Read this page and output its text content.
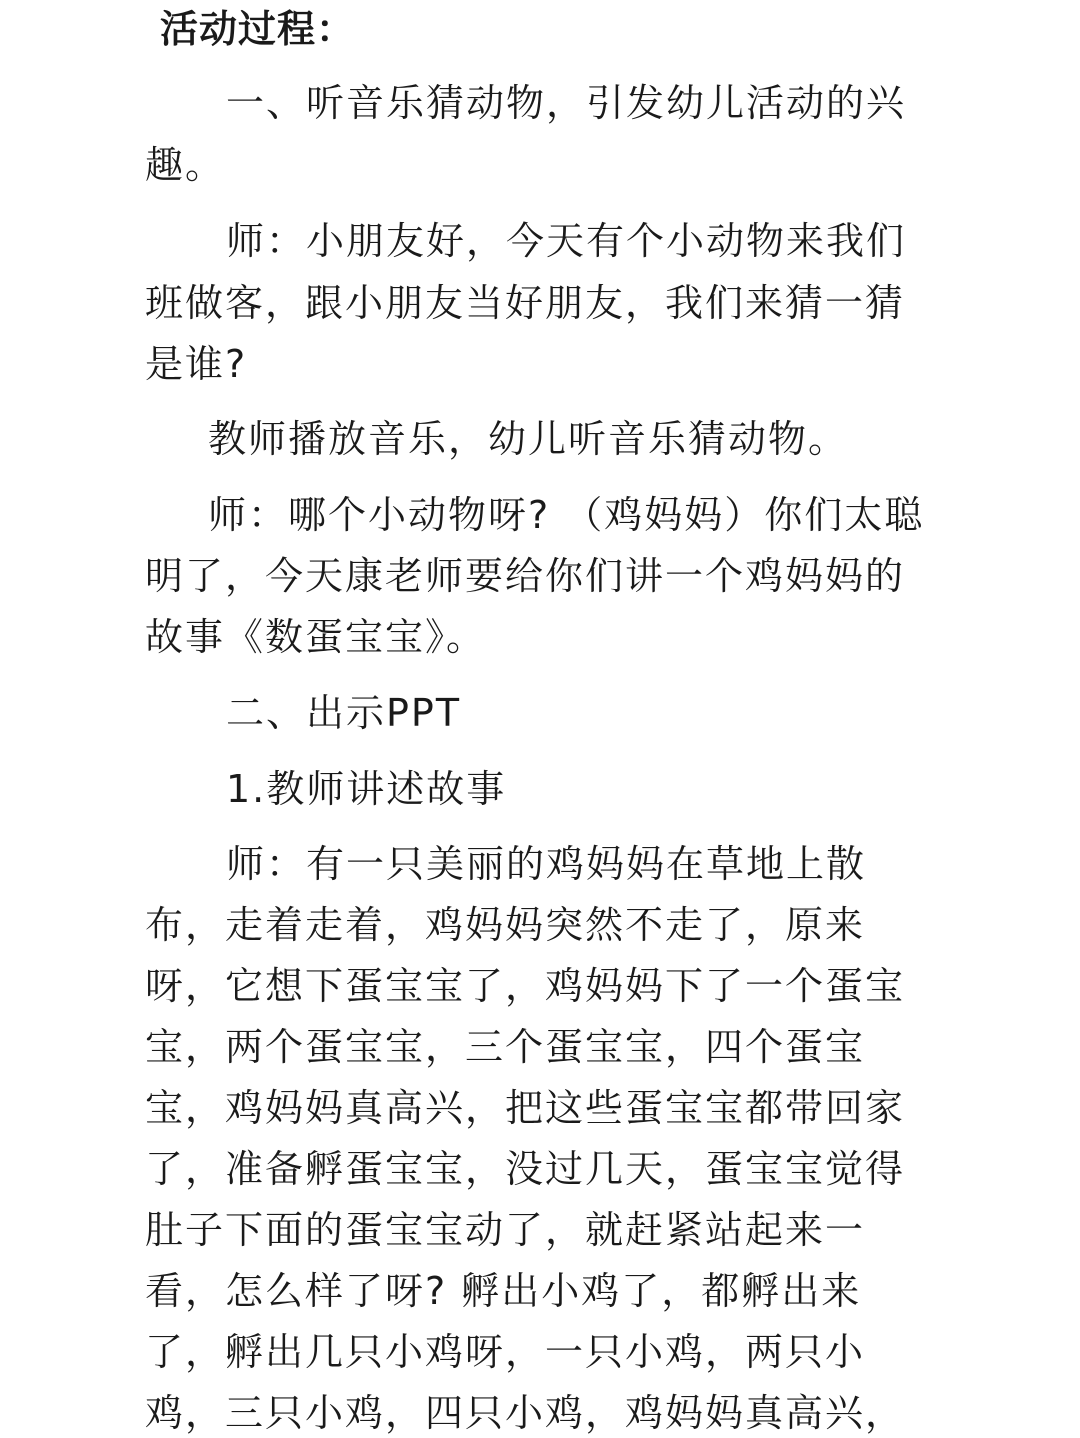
活动过程：
一、听音乐猜动物，引发幼儿活动的兴
趣。
师：小朋友好，今天有个小动物来我们
班做客，跟小朋友当好朋友，我们来猜一猜
是谁?
教师播放音乐，幼儿听音乐猜动物。
师：哪个小动物呀? （鸡妈妈）你们太聪
明了，今天康老师要给你们讲一个鸡妈妈的
故事《数蛋宝宝》。
二、出示PPT
1.教师讲述故事
师：有一只美丽的鸡妈妈在草地上散
布，走着走着，鸡妈妈突然不走了，原来
呀，它想下蛋宝宝了，鸡妈妈下了一个蛋宝
宝，两个蛋宝宝，三个蛋宝宝，四个蛋宝
宝，鸡妈妈真高兴，把这些蛋宝宝都带回家
了，准备孵蛋宝宝，没过几天，蛋宝宝觉得
肚子下面的蛋宝宝动了，就赶紧站起来一
看，怎么样了呀? 孵出小鸡了，都孵出来
了，孵出几只小鸡呀，一只小鸡，两只小
鸡，三只小鸡，四只小鸡，鸡妈妈真高兴，
